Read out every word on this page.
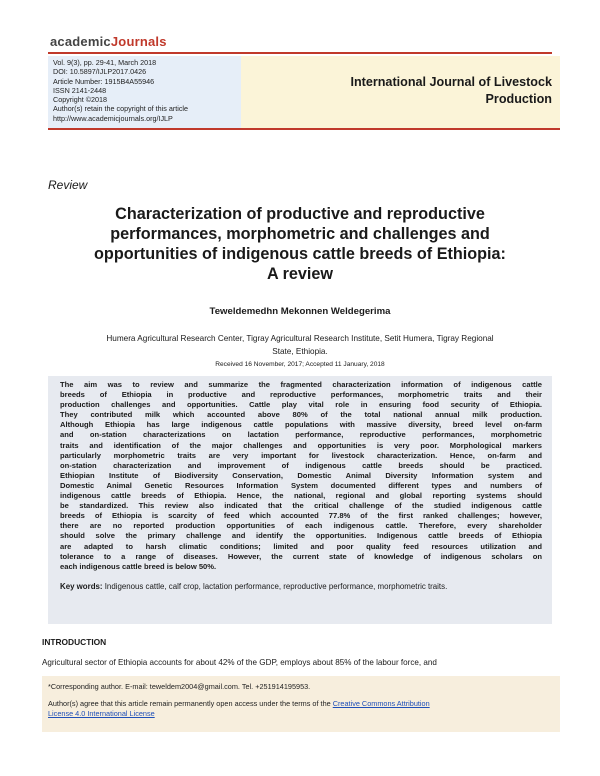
academicJournals
Vol. 9(3), pp. 29-41, March 2018
DOI: 10.5897/IJLP2017.0426
Article Number: 1915B4A55946
ISSN 2141-2448
Copyright ©2018
Author(s) retain the copyright of this article
http://www.academicjournals.org/IJLP
International Journal of Livestock
Production
Review
Characterization of productive and reproductive
performances, morphometric and challenges and
opportunities of indigenous cattle breeds of Ethiopia:
A review
Teweldemedhn Mekonnen Weldegerima
Humera Agricultural Research Center, Tigray Agricultural Research Institute, Setit Humera, Tigray Regional
State, Ethiopia.
Received 16 November, 2017; Accepted 11 January, 2018
The aim was to review and summarize the fragmented characterization information of indigenous cattle
breeds of Ethiopia in productive and reproductive performances, morphometric traits and their
production challenges and opportunities. Cattle play vital role in ensuring food security of Ethiopia.
They contributed milk which accounted above 80% of the total national annual milk production.
Although Ethiopia has large indigenous cattle populations with massive diversity, breed level on-farm
and on-station characterizations on lactation performance, reproductive performances, morphometric
traits and identification of the major challenges and opportunities is very poor. Morphological markers
particularly morphometric traits are very important for livestock characterization. Hence, on-farm and
on-station characterization and improvement of indigenous cattle breeds should be practiced.
Ethiopian Institute of Biodiversity Conservation, Domestic Animal Diversity Information system and
Domestic Animal Genetic Resources Information System documented different types and numbers of
indigenous cattle breeds of Ethiopia. Hence, the national, regional and global reporting systems should
be standardized. This review also indicated that the critical challenge of the studied indigenous cattle
breeds of Ethiopia is scarcity of feed which accounted 77.8% of the first ranked challenges; however,
there are no reported production opportunities of each indigenous cattle. Therefore, every shareholder
should solve the primary challenge and identify the opportunities. Indigenous cattle breeds of Ethiopia
are adapted to harsh climatic conditions; limited and poor quality feed resources utilization and
tolerance to a range of diseases. However, the current state of knowledge of indigenous scholars on
each indigenous cattle breed is below 50%.
Key words: Indigenous cattle, calf crop, lactation performance, reproductive performance, morphometric traits.
INTRODUCTION
Agricultural sector of Ethiopia accounts for about 42% of the GDP, employs about 85% of the labour force, and
*Corresponding author. E-mail: teweldem2004@gmail.com. Tel. +251914195953.
Author(s) agree that this article remain permanently open access under the terms of the Creative Commons Attribution
License 4.0 International License
